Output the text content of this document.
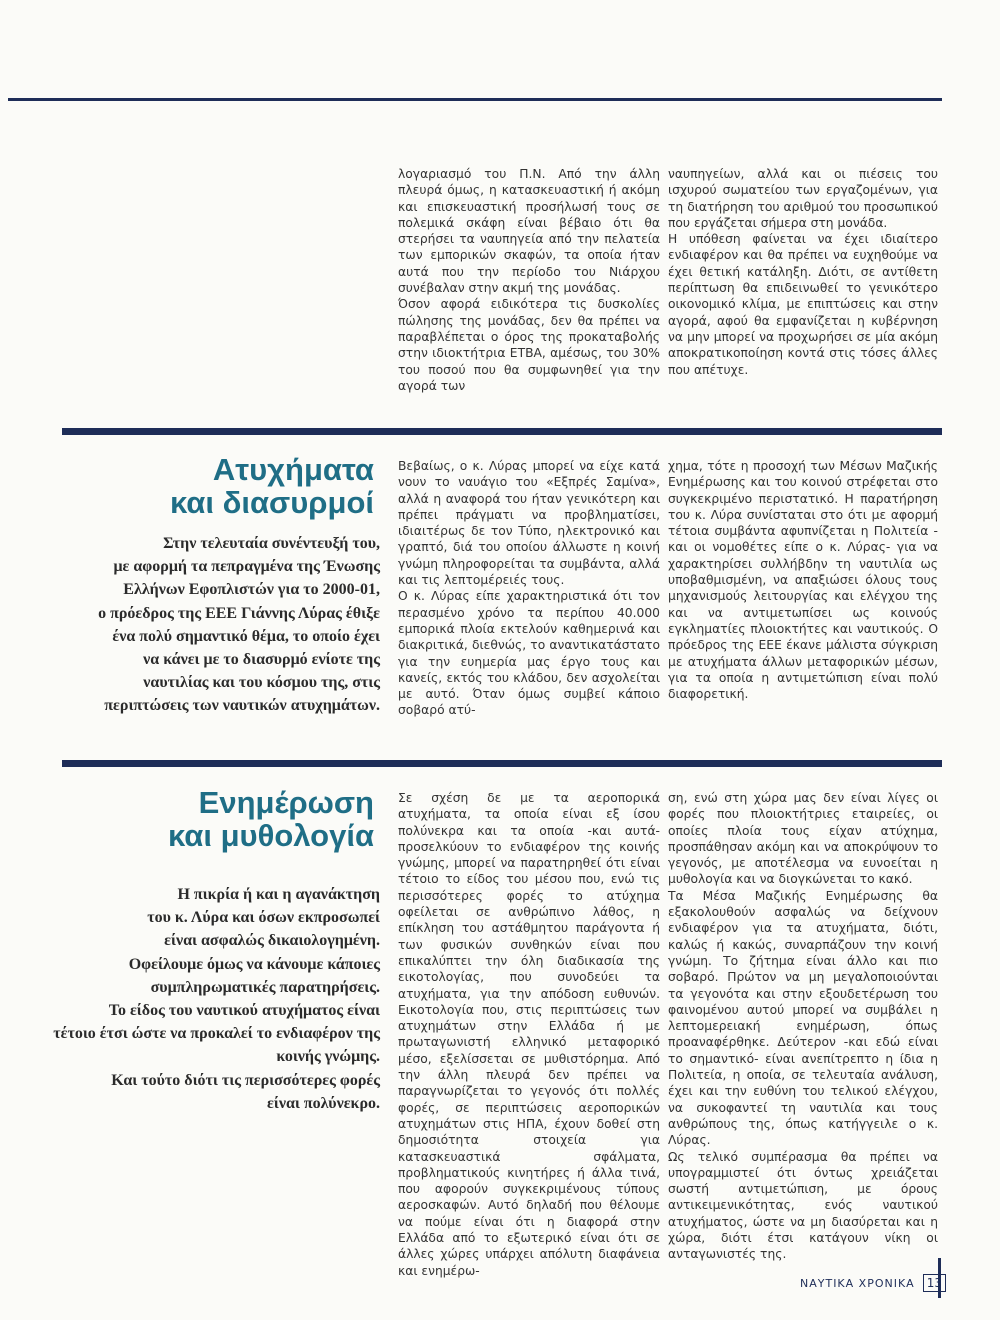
λογαριασμό του Π.Ν. Από την άλλη πλευρά όμως, η κατασκευαστική ή ακόμη και επισκευαστική προσήλωσή τους σε πολεμικά σκάφη είναι βέβαιο ότι θα στερήσει τα ναυπηγεία από την πελατεία των εμπορικών σκαφών, τα οποία ήταν αυτά που την περίοδο του Νιάρχου συνέβαλαν στην ακμή της μονάδας.

Όσον αφορά ειδικότερα τις δυσκολίες πώλησης της μονάδας, δεν θα πρέπει να παραβλέπεται ο όρος της προκαταβολής στην ιδιοκτήτρια ΕΤΒΑ, αμέσως, του 30% του ποσού που θα συμφωνηθεί για την αγορά των

ναυπηγείων, αλλά και οι πιέσεις του ισχυρού σωματείου των εργαζομένων, για τη διατήρηση του αριθμού του προσωπικού που εργάζεται σήμερα στη μονάδα.

Η υπόθεση φαίνεται να έχει ιδιαίτερο ενδιαφέρον και θα πρέπει να ευχηθούμε να έχει θετική κατάληξη. Διότι, σε αντίθετη περίπτωση θα επιδεινωθεί το γενικότερο οικονομικό κλίμα, με επιπτώσεις και στην αγορά, αφού θα εμφανίζεται η κυβέρνηση να μην μπορεί να προχωρήσει σε μία ακόμη αποκρατικοποίηση κοντά στις τόσες άλλες που απέτυχε.

Ατυχήματα
και διασυρμοί

Στην τελευταία συνέντευξή του,
με αφορμή τα πεπραγμένα της Ένωσης
Ελλήνων Εφοπλιστών για το 2000-01,
ο πρόεδρος της ΕΕΕ Γιάννης Λύρας έθιξε
ένα πολύ σημαντικό θέμα, το οποίο έχει
να κάνει με το διασυρμό ενίοτε της
ναυτιλίας και του κόσμου της, στις
περιπτώσεις των ναυτικών ατυχημάτων.

Βεβαίως, ο κ. Λύρας μπορεί να είχε κατά νουν το ναυάγιο του «Εξπρές Σαμίνα», αλλά η αναφορά του ήταν γενικότερη και πρέπει πράγματι να προβληματίσει, ιδιαιτέρως δε τον Τύπο, ηλεκτρονικό και γραπτό, διά του οποίου άλλωστε η κοινή γνώμη πληροφορείται τα συμβάντα, αλλά και τις λεπτομέρειές τους.

Ο κ. Λύρας είπε χαρακτηριστικά ότι τον περασμένο χρόνο τα περίπου 40.000 εμπορικά πλοία εκτελούν καθημερινά και διακριτικά, διεθνώς, το αναντικατάστατο για την ευημερία μας έργο τους και κανείς, εκτός του κλάδου, δεν ασχολείται με αυτό. Όταν όμως συμβεί κάποιο σοβαρό ατύ-

χημα, τότε η προσοχή των Μέσων Μαζικής Ενημέρωσης και του κοινού στρέφεται στο συγκεκριμένο περιστατικό. Η παρατήρηση του κ. Λύρα συνίσταται στο ότι με αφορμή τέτοια συμβάντα αφυπνίζεται η Πολιτεία - και οι νομοθέτες είπε ο κ. Λύρας- για να χαρακτηρίσει συλλήβδην τη ναυτιλία ως υποβαθμισμένη, να απαξιώσει όλους τους μηχανισμούς λειτουργίας και ελέγχου της και να αντιμετωπίσει ως κοινούς εγκληματίες πλοιοκτήτες και ναυτικούς. Ο πρόεδρος της ΕΕΕ έκανε μάλιστα σύγκριση με ατυχήματα άλλων μεταφορικών μέσων, για τα οποία η αντιμετώπιση είναι πολύ διαφορετική.

Ενημέρωση
και μυθολογία

Η πικρία ή και η αγανάκτηση
του κ. Λύρα και όσων εκπροσωπεί
είναι ασφαλώς δικαιολογημένη.
Οφείλουμε όμως να κάνουμε κάποιες
συμπληρωματικές παρατηρήσεις.
Το είδος του ναυτικού ατυχήματος είναι
τέτοιο έτσι ώστε να προκαλεί το ενδιαφέρον της κοινής γνώμης.
Και τούτο διότι τις περισσότερες φορές
είναι πολύνεκρο.

Σε σχέση δε με τα αεροπορικά ατυχήματα, τα οποία είναι εξ ίσου πολύνεκρα και τα οποία -και αυτά- προσελκύουν το ενδιαφέρον της κοινής γνώμης, μπορεί να παρατηρηθεί ότι είναι τέτοιο το είδος του μέσου που, ενώ τις περισσότερες φορές το ατύχημα οφείλεται σε ανθρώπινο λάθος, η επίκληση του αστάθμητου παράγοντα ή των φυσικών συνθηκών είναι που επικαλύπτει την όλη διαδικασία της εικοτολογίας, που συνοδεύει τα ατυχήματα, για την απόδοση ευθυνών. Εικοτολογία που, στις περιπτώσεις των ατυχημάτων στην Ελλάδα ή με πρωταγωνιστή ελληνικό μεταφορικό μέσο, εξελίσσεται σε μυθιστόρημα. Από την άλλη πλευρά δεν πρέπει να παραγνωρίζεται το γεγονός ότι πολλές φορές, σε περιπτώσεις αεροπορικών ατυχημάτων στις ΗΠΑ, έχουν δοθεί στη δημοσιότητα στοιχεία για κατασκευαστικά σφάλματα, προβληματικούς κινητήρες ή άλλα τινά, που αφορούν συγκεκριμένους τύπους αεροσκαφών. Αυτό δηλαδή που θέλουμε να πούμε είναι ότι η διαφορά στην Ελλάδα από το εξωτερικό είναι ότι σε άλλες χώρες υπάρχει απόλυτη διαφάνεια και ενημέρω-

ση, ενώ στη χώρα μας δεν είναι λίγες οι φορές που πλοιοκτήτριες εταιρείες, οι οποίες πλοία τους είχαν ατύχημα, προσπάθησαν ακόμη και να αποκρύψουν το γεγονός, με αποτέλεσμα να ευνοείται η μυθολογία και να διογκώνεται το κακό.

Τα Μέσα Μαζικής Ενημέρωσης θα εξακολουθούν ασφαλώς να δείχνουν ενδιαφέρον για τα ατυχήματα, διότι, καλώς ή κακώς, συναρπάζουν την κοινή γνώμη. Το ζήτημα είναι άλλο και πιο σοβαρό. Πρώτον να μη μεγαλοποιούνται τα γεγονότα και στην εξουδετέρωση του φαινομένου αυτού μπορεί να συμβάλει η λεπτομερειακή ενημέρωση, όπως προαναφέρθηκε. Δεύτερον -και εδώ είναι το σημαντικό- είναι ανεπίτρεπτο η ίδια η Πολιτεία, η οποία, σε τελευταία ανάλυση, έχει και την ευθύνη του τελικού ελέγχου, να συκοφαντεί τη ναυτιλία και τους ανθρώπους της, όπως κατήγγειλε ο κ. Λύρας.

Ως τελικό συμπέρασμα θα πρέπει να υπογραμμιστεί ότι όντως χρειάζεται σωστή αντιμετώπιση, με όρους αντικειμενικότητας, ενός ναυτικού ατυχήματος, ώστε να μη διασύρεται και η χώρα, διότι έτσι κατάγουν νίκη οι ανταγωνιστές της.

ΝΑΥΤΙΚΑ ΧΡΟΝΙΚΑ	13
